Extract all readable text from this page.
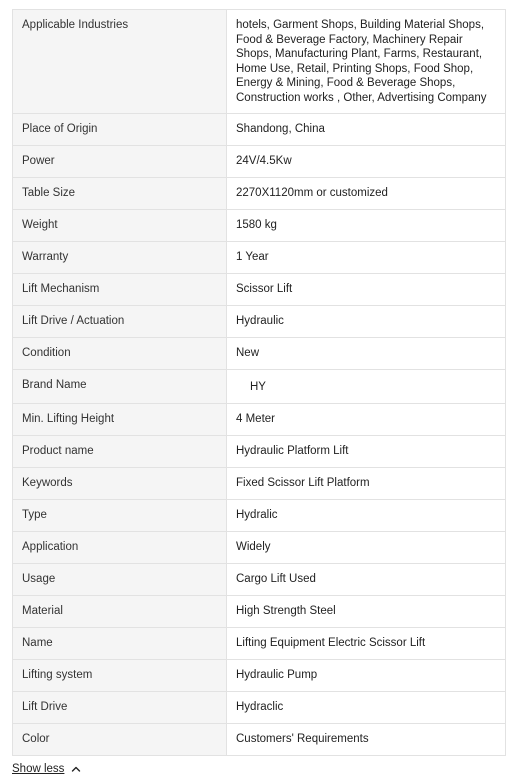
Applicable Industries	hotels, Garment Shops, Building Material Shops, Food & Beverage Factory, Machinery Repair Shops, Manufacturing Plant, Farms, Restaurant, Home Use, Retail, Printing Shops, Food Shop, Energy & Mining, Food & Beverage Shops, Construction works , Other, Advertising Company
Place of Origin	Shandong, China
Power	24V/4.5Kw
Table Size	2270X1120mm or customized
Weight	1580 kg
Warranty	1 Year
Lift Mechanism	Scissor Lift
Lift Drive / Actuation	Hydraulic
Condition	New
Brand Name	HY
Min. Lifting Height	4 Meter
Product name	Hydraulic Platform Lift
Keywords	Fixed Scissor Lift Platform
Type	Hydralic
Application	Widely
Usage	Cargo Lift Used
Material	High Strength Steel
Name	Lifting Equipment Electric Scissor Lift
Lifting system	Hydraulic Pump
Lift Drive	Hydraclic
Color	Customers' Requirements
Show less
